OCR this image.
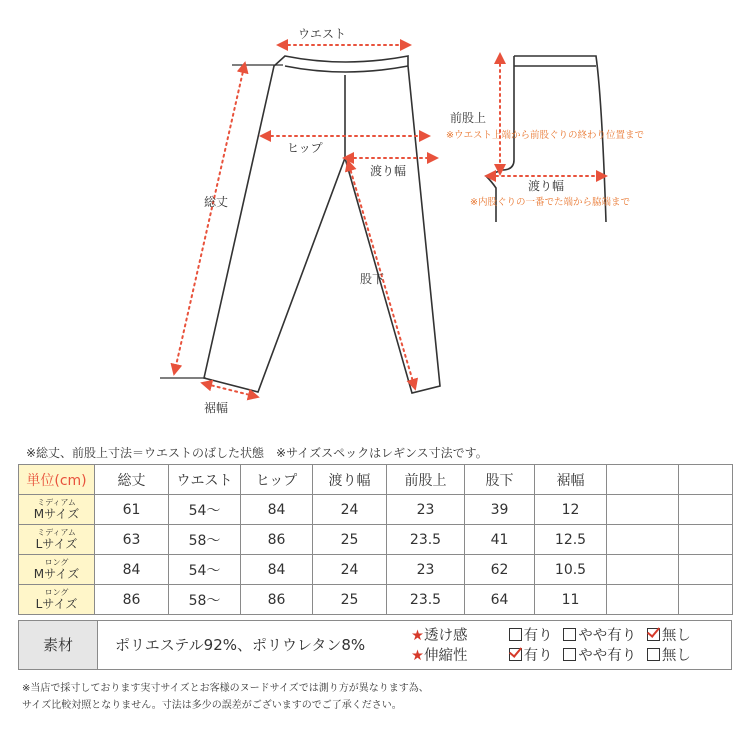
ウエスト
ヒップ
総丈
渡り幅
股下
裾幅
前股上
※ウエスト上端から前股ぐりの終わり位置まで
渡り幅
※内股ぐりの一番でた端から脇端まで
※総丈、前股上寸法＝ウエストのばした状態　※サイズスペックはレギンス寸法です。
単位(cm)	総丈	ウエスト	ヒップ	渡り幅	前股上	股下	裾幅		

ミディアム
Mサイズ	61	54〜	84	24	23	39	12		

ミディアム
Lサイズ	63	58〜	86	25	23.5	41	12.5		

ロング
Mサイズ	84	54〜	84	24	23	62	10.5		

ロング
Lサイズ	86	58〜	86	25	23.5	64	11		
素材	ポリエステル92%、ポリウレタン8%	★透け感	有り やや有り 無し
★伸縮性	有り やや有り 無し
※当店で採寸しております実寸サイズとお客様のヌードサイズでは測り方が異なります為、
サイズ比較対照となりません。寸法は多少の誤差がございますのでご了承ください。
